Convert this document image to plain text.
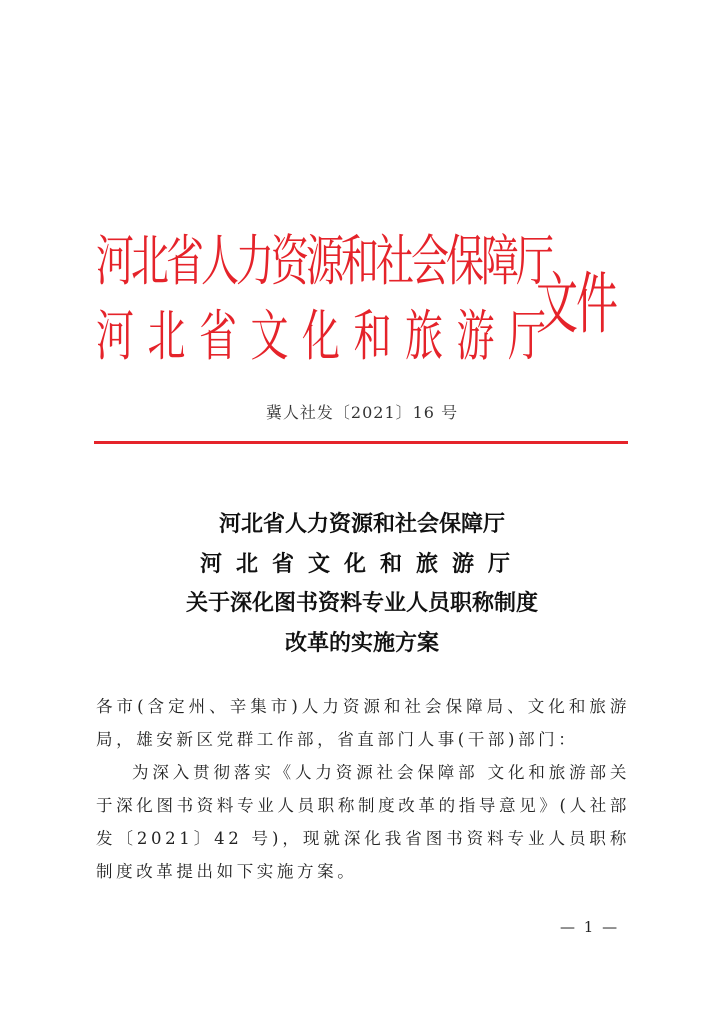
河北省人力资源和社会保障厅
河北省文化和旅游厅
文件
冀人社发〔2021〕16 号
河北省人力资源和社会保障厅
河北省文化和旅游厅
关于深化图书资料专业人员职称制度
改革的实施方案

各市(含定州、辛集市)人力资源和社会保障局、文化和旅游局，雄安新区党群工作部，省直部门人事(干部)部门：

为深入贯彻落实《人力资源社会保障部 文化和旅游部关于深化图书资料专业人员职称制度改革的指导意见》(人社部发〔2021〕42 号)，现就深化我省图书资料专业人员职称制度改革提出如下实施方案。

— 1 —
